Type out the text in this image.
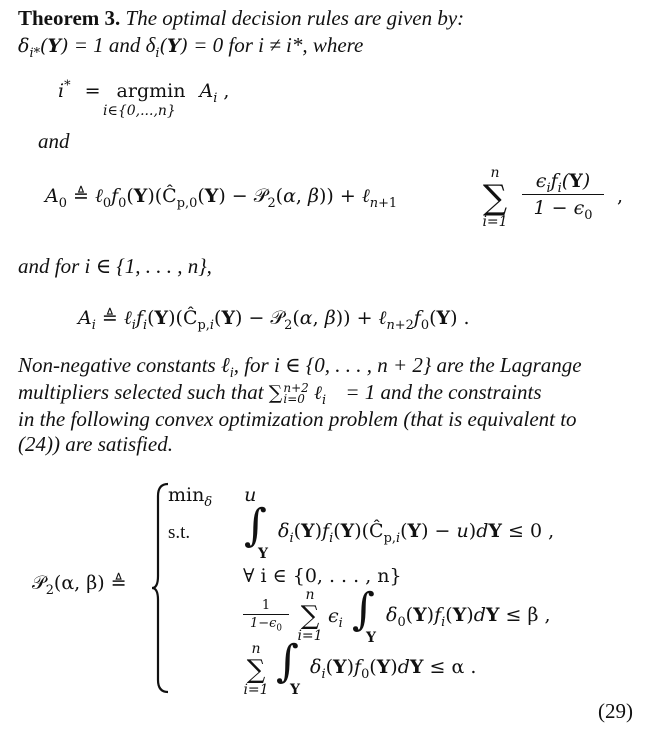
Theorem 3. The optimal decision rules are given by:
$\delta_{i*}(Y) = 1$ and $\delta_i(Y) = 0$ for i ≠ i*, where
i* = argmin $A_i$ ,
i∈{0,...,n}
and
$A_0$ ≜ $\ell_0f_0(Y)(Ĉ_{p,0}(Y)$ − 𝒫$_2$(α, β)) + ℓ$_{n+1}$
n
∑
i=1
$\epsilon_if_i(Y)$
$1 - \epsilon_0$
,
and for i ∈ {1, . . . , n},
$A_i$ ≜ $\ell_if_i(Y)(Ĉ_{p,i}(Y)$ − 𝒫$_2$(α, $\beta)) + \ell_{n+2}f_0(Y)$ .
Non-negative constants ℓ$_i$, for i ∈ {0, . . . , n + 2} are the Lagrange
multipliers selected such that ∑ n+2
i=0 ℓ$_i$ = 1 and the constraints
in the following convex optimization problem (that is equivalent to
(24)) are satisfied.
𝒫$_2$(α, β) ≜
$\min_\delta u$
s.t. ∫
Y
$\delta_i(Y)f_i(Y)(Ĉ_{p,i}(Y) - u)dY \le 0$ ,
∀ i ∈ {0, . . . , n}
$\frac{1}{1-\epsilon_0}$
n
∑
i=1
$\epsilon_i$ ∫
Y
$\delta_0(Y)f_i(Y)dY \le \beta$ ,
n
∑
i=1
∫
Y
$\delta_i(Y)f_0(Y)dY \le \alpha$ .
(29)
